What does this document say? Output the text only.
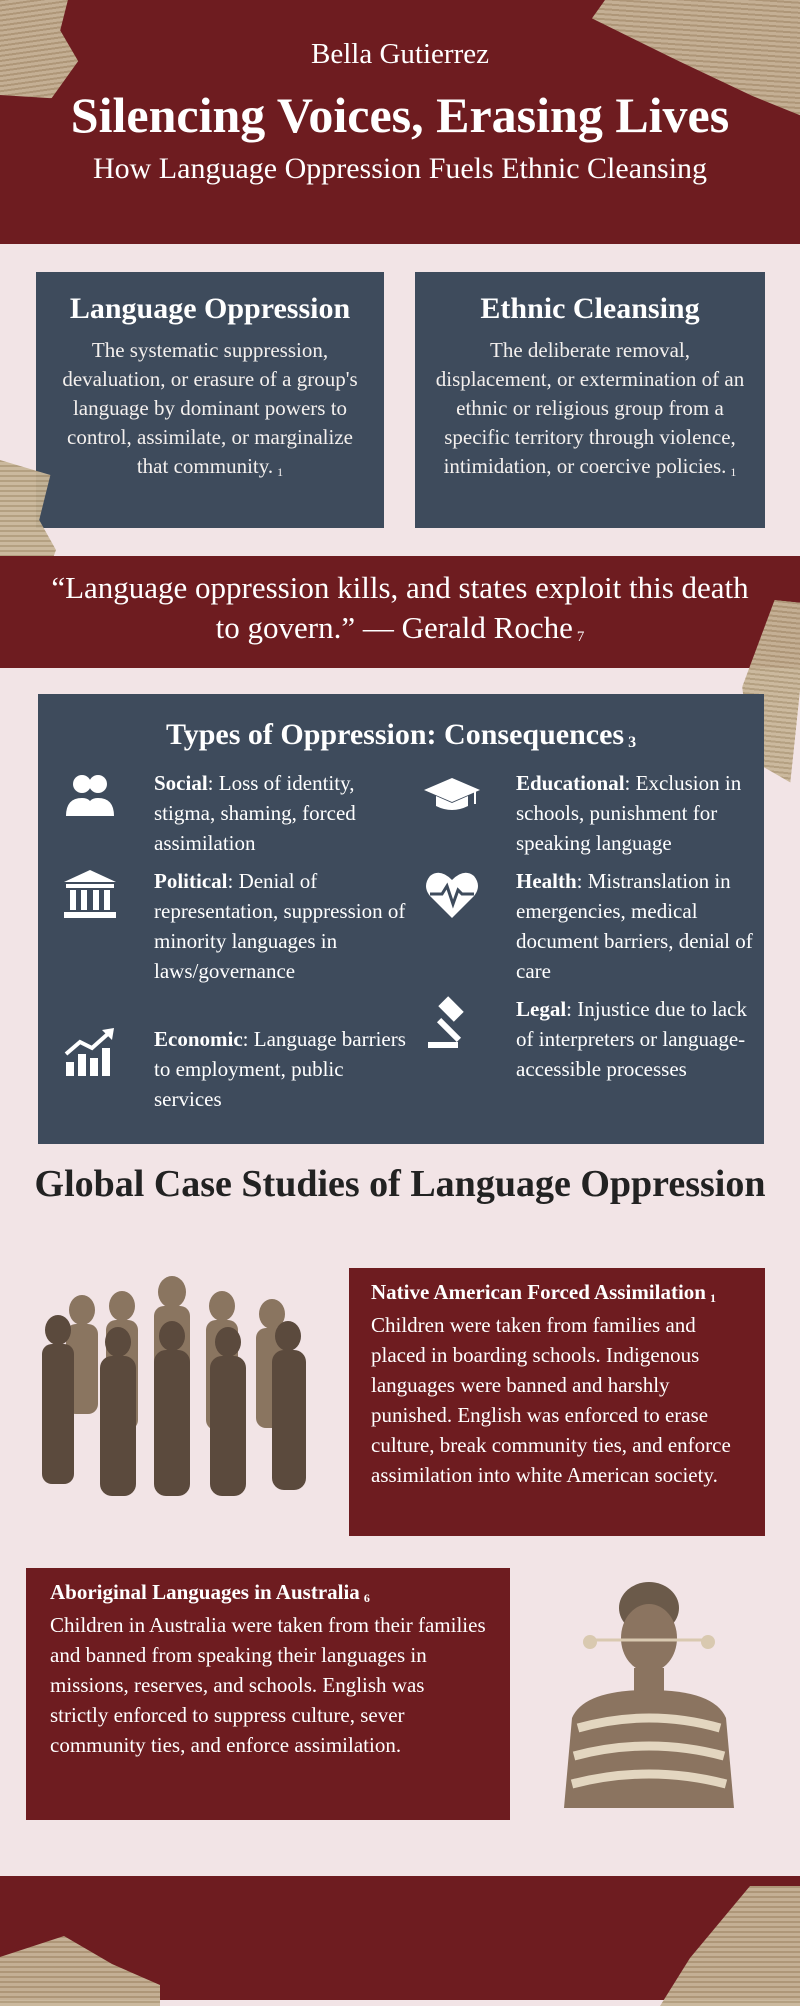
Bella Gutierrez
Silencing Voices, Erasing Lives
How Language Oppression Fuels Ethnic Cleansing
Language Oppression

The systematic suppression, devaluation, or erasure of a group's language by dominant powers to control, assimilate, or marginalize that community. $_1$

Ethnic Cleansing

The deliberate removal, displacement, or extermination of an ethnic or religious group from a specific territory through violence, intimidation, or coercive policies. $_1$

“Language oppression kills, and states exploit this death to govern.” — Gerald Roche $_7$
Types of Oppression: Consequences $_3$
Social: Loss of identity, stigma, shaming, forced assimilation
Educational: Exclusion in schools, punishment for speaking language
Political: Denial of representation, suppression of minority languages in laws/governance
Health: Mistranslation in emergencies, medical document barriers, denial of care
Economic: Language barriers to employment, public services
Legal: Injustice due to lack of interpreters or language-accessible processes
Global Case Studies of Language Oppression
Native American Forced Assimilation $_1$

Children were taken from families and placed in boarding schools. Indigenous languages were banned and harshly punished. English was enforced to erase culture, break community ties, and enforce assimilation into white American society.

Aboriginal Languages in Australia $_6$

Children in Australia were taken from their families and banned from speaking their languages in missions, reserves, and schools. English was strictly enforced to suppress culture, sever community ties, and enforce assimilation.
